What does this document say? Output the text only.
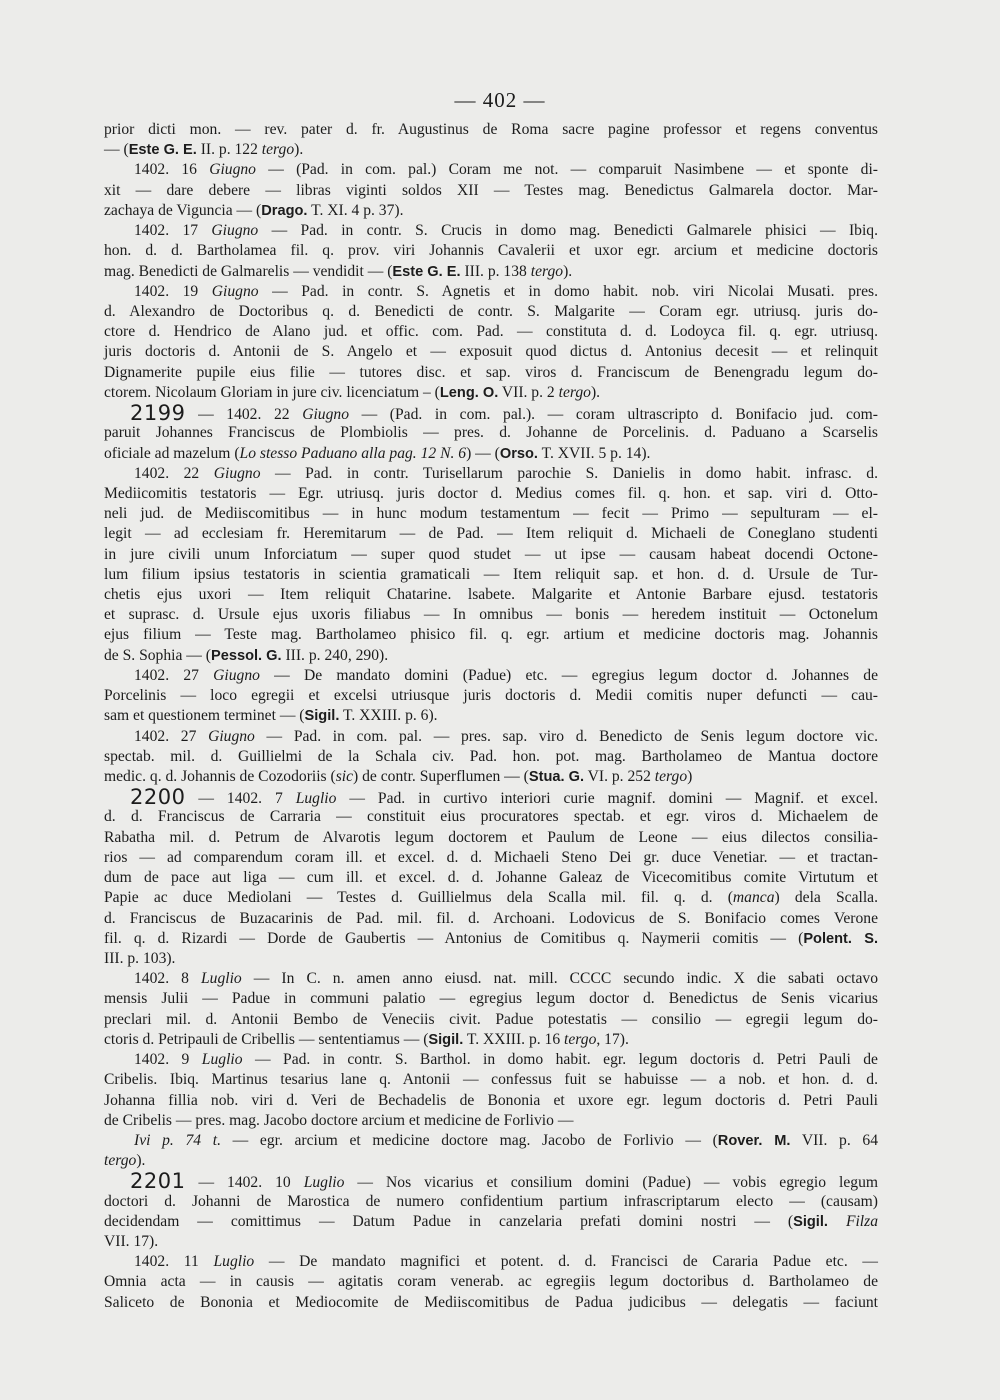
— 402 —
prior dicti mon. — rev. pater d. fr. Augustinus de Roma sacre pagine professor et regens conventus
— (Este G. E. II. p. 122 tergo).
1402. 16 Giugno — (Pad. in com. pal.) Coram me not. — comparuit Nasimbene — et sponte di-
xit — dare debere — libras viginti soldos XII — Testes mag. Benedictus Galmarela doctor. Mar-
zachaya de Viguncia — (Drago. T. XI. 4 p. 37).
1402. 17 Giugno — Pad. in contr. S. Crucis in domo mag. Benedicti Galmarele phisici — Ibiq.
hon. d. d. Bartholamea fil. q. prov. viri Johannis Cavalerii et uxor egr. arcium et medicine doctoris
mag. Benedicti de Galmarelis — vendidit — (Este G. E. III. p. 138 tergo).
1402. 19 Giugno — Pad. in contr. S. Agnetis et in domo habit. nob. viri Nicolai Musati. pres.
d. Alexandro de Doctoribus q. d. Benedicti de contr. S. Malgarite — Coram egr. utriusq. juris do-
ctore d. Hendrico de Alano jud. et offic. com. Pad. — constituta d. d. Lodoyca fil. q. egr. utriusq.
juris doctoris d. Antonii de S. Angelo et — exposuit quod dictus d. Antonius decesit — et relinquit
Dignamerite pupile eius filie — tutores disc. et sap. viros d. Franciscum de Benengradu legum do-
ctorem. Nicolaum Gloriam in jure civ. licenciatum – (Leng. O. VII. p. 2 tergo).
2199 — 1402. 22 Giugno — (Pad. in com. pal.). — coram ultrascripto d. Bonifacio jud. com-
paruit Johannes Franciscus de Plombiolis — pres. d. Johanne de Porcelinis. d. Paduano a Scarselis
oficiale ad mazelum (Lo stesso Paduano alla pag. 12 N. 6) — (Orso. T. XVII. 5 p. 14).
1402. 22 Giugno — Pad. in contr. Turisellarum parochie S. Danielis in domo habit. infrasc. d.
Mediicomitis testatoris — Egr. utriusq. juris doctor d. Medius comes fil. q. hon. et sap. viri d. Otto-
neli jud. de Mediiscomitibus — in hunc modum testamentum — fecit — Primo — sepulturam — el-
legit — ad ecclesiam fr. Heremitarum — de Pad. — Item reliquit d. Michaeli de Coneglano studenti
in jure civili unum Inforciatum — super quod studet — ut ipse — causam habeat docendi Octone-
lum filium ipsius testatoris in scientia gramaticali — Item reliquit sap. et hon. d. d. Ursule de Tur-
chetis ejus uxori — Item reliquit Chatarine. lsabete. Malgarite et Antonie Barbare ejusd. testatoris
et suprasc. d. Ursule ejus uxoris filiabus — In omnibus — bonis — heredem instituit — Octonelum
ejus filium — Teste mag. Bartholameo phisico fil. q. egr. artium et medicine doctoris mag. Johannis
de S. Sophia — (Pessol. G. III. p. 240, 290).
1402. 27 Giugno — De mandato domini (Padue) etc. — egregius legum doctor d. Johannes de
Porcelinis — loco egregii et excelsi utriusque juris doctoris d. Medii comitis nuper defuncti — cau-
sam et questionem terminet — (Sigil. T. XXIII. p. 6).
1402. 27 Giugno — Pad. in com. pal. — pres. sap. viro d. Benedicto de Senis legum doctore vic.
spectab. mil. d. Guillielmi de la Schala civ. Pad. hon. pot. mag. Bartholameo de Mantua doctore
medic. q. d. Johannis de Cozodoriis (sic) de contr. Superflumen — (Stua. G. VI. p. 252 tergo)
2200 — 1402. 7 Luglio — Pad. in curtivo interiori curie magnif. domini — Magnif. et excel.
d. d. Franciscus de Carraria — constituit eius procuratores spectab. et egr. viros d. Michaelem de
Rabatha mil. d. Petrum de Alvarotis legum doctorem et Paulum de Leone — eius dilectos consilia-
rios — ad comparendum coram ill. et excel. d. d. Michaeli Steno Dei gr. duce Venetiar. — et tractan-
dum de pace aut liga — cum ill. et excel. d. d. Johanne Galeaz de Vicecomitibus comite Virtutum et
Papie ac duce Mediolani — Testes d. Guillielmus dela Scalla mil. fil. q. d. (manca) dela Scalla.
d. Franciscus de Buzacarinis de Pad. mil. fil. d. Archoani. Lodovicus de S. Bonifacio comes Verone
fil. q. d. Rizardi — Dorde de Gaubertis — Antonius de Comitibus q. Naymerii comitis — (Polent. S.
III. p. 103).
1402. 8 Luglio — In C. n. amen anno eiusd. nat. mill. CCCC secundo indic. X die sabati octavo
mensis Julii — Padue in communi palatio — egregius legum doctor d. Benedictus de Senis vicarius
preclari mil. d. Antonii Bembo de Veneciis civit. Padue potestatis — consilio — egregii legum do-
ctoris d. Petripauli de Cribellis — sententiamus — (Sigil. T. XXIII. p. 16 tergo, 17).
1402. 9 Luglio — Pad. in contr. S. Barthol. in domo habit. egr. legum doctoris d. Petri Pauli de
Cribelis. Ibiq. Martinus tesarius lane q. Antonii — confessus fuit se habuisse — a nob. et hon. d. d.
Johanna fillia nob. viri d. Veri de Bechadelis de Bononia et uxore egr. legum doctoris d. Petri Pauli
de Cribelis — pres. mag. Jacobo doctore arcium et medicine de Forlivio —
Ivi p. 74 t. — egr. arcium et medicine doctore mag. Jacobo de Forlivio — (Rover. M. VII. p. 64
tergo).
2201 — 1402. 10 Luglio — Nos vicarius et consilium domini (Padue) — vobis egregio legum
doctori d. Johanni de Marostica de numero confidentium partium infrascriptarum electo — (causam)
decidendam — comittimus — Datum Padue in canzelaria prefati domini nostri — (Sigil. Filza
VII. 17).
1402. 11 Luglio — De mandato magnifici et potent. d. d. Francisci de Cararia Padue etc. —
Omnia acta — in causis — agitatis coram venerab. ac egregiis legum doctoribus d. Bartholameo de
Saliceto de Bononia et Mediocomite de Mediiscomitibus de Padua judicibus — delegatis — faciunt
